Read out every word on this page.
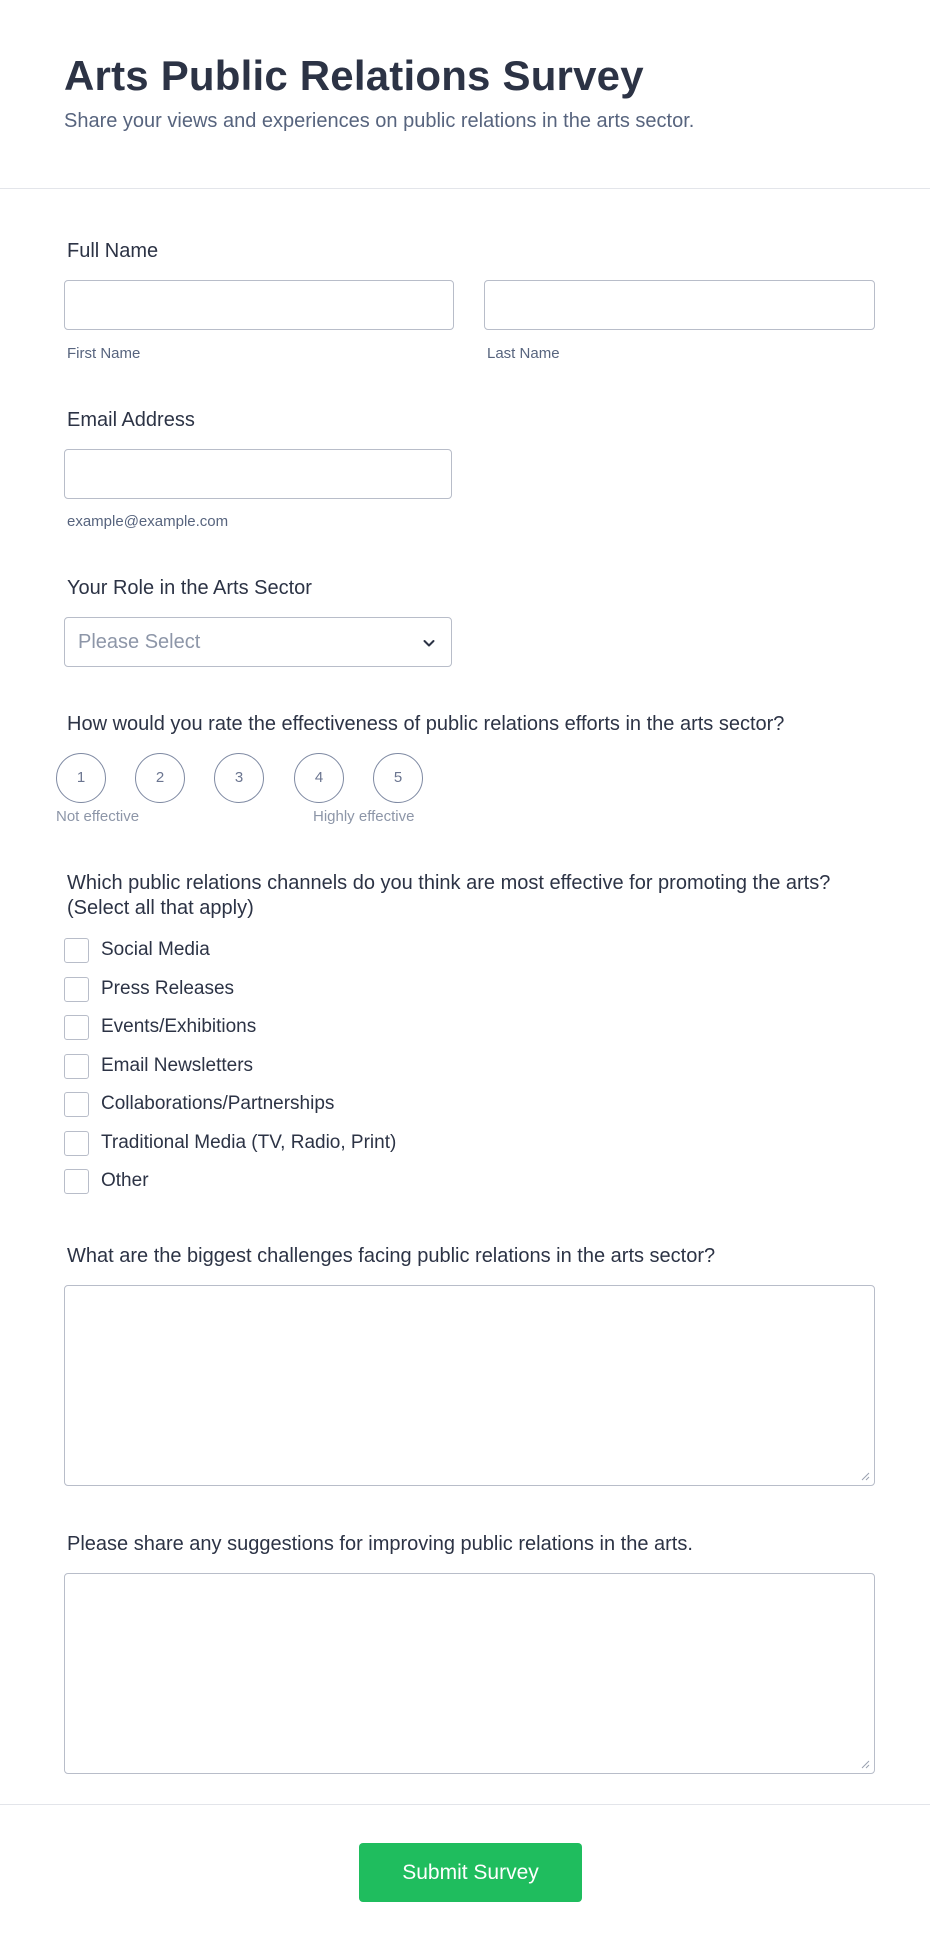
Arts Public Relations Survey
Share your views and experiences on public relations in the arts sector.
Full Name
First Name	Last Name
Email Address
example@example.com
Your Role in the Arts Sector
Please Select
How would you rate the effectiveness of public relations efforts in the arts sector?
1	2	3	4	5
Not effective	Highly effective
Which public relations channels do you think are most effective for promoting the arts? (Select all that apply)
Social Media
Press Releases
Events/Exhibitions
Email Newsletters
Collaborations/Partnerships
Traditional Media (TV, Radio, Print)
Other
What are the biggest challenges facing public relations in the arts sector?
Please share any suggestions for improving public relations in the arts.
Submit Survey
